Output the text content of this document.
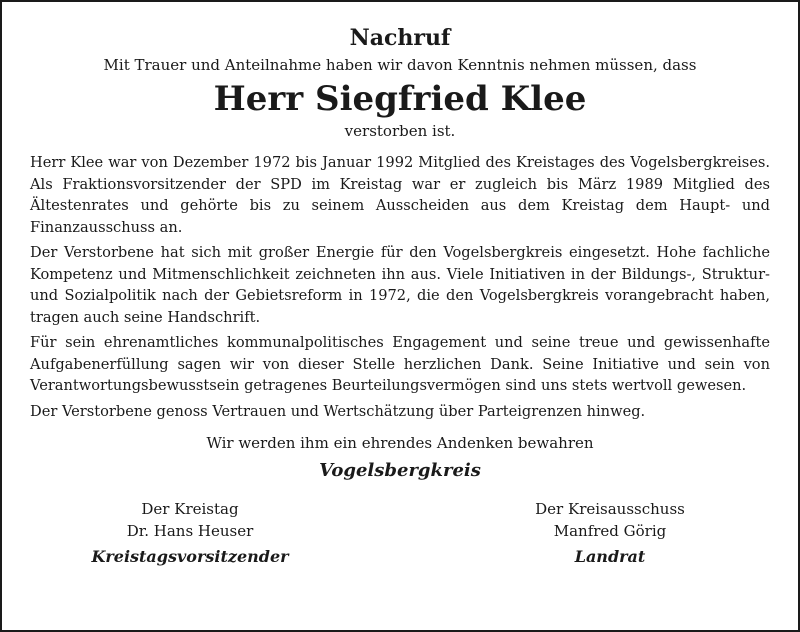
Nachruf

Mit Trauer und Anteilnahme haben wir davon Kenntnis nehmen müssen, dass

Herr Siegfried Klee

verstorben ist.

Herr Klee war von Dezember 1972 bis Januar 1992 Mitglied des Kreistages des Vogelsbergkreises. Als Fraktionsvorsitzender der SPD im Kreistag war er zugleich bis März 1989 Mitglied des Ältestenrates und gehörte bis zu seinem Ausscheiden aus dem Kreistag dem Haupt- und Finanzausschuss an.

Der Verstorbene hat sich mit großer Energie für den Vogelsbergkreis eingesetzt. Hohe fachliche Kompetenz und Mitmenschlichkeit zeichneten ihn aus. Viele Initiativen in der Bildungs-, Struktur- und Sozialpolitik nach der Gebietsreform in 1972, die den Vogelsbergkreis vorangebracht haben, tragen auch seine Handschrift.

Für sein ehrenamtliches kommunalpolitisches Engagement und seine treue und gewissenhafte Aufgabenerfüllung sagen wir von dieser Stelle herzlichen Dank. Seine Initiative und sein von Verantwortungsbewusstsein getragenes Beurteilungsvermögen sind uns stets wertvoll gewesen.

Der Verstorbene genoss Vertrauen und Wertschätzung über Parteigrenzen hinweg.

Wir werden ihm ein ehrendes Andenken bewahren

Vogelsbergkreis

Der Kreistag

Dr. Hans Heuser

Kreistagsvorsitzender

Der Kreisausschuss

Manfred Görig

Landrat
